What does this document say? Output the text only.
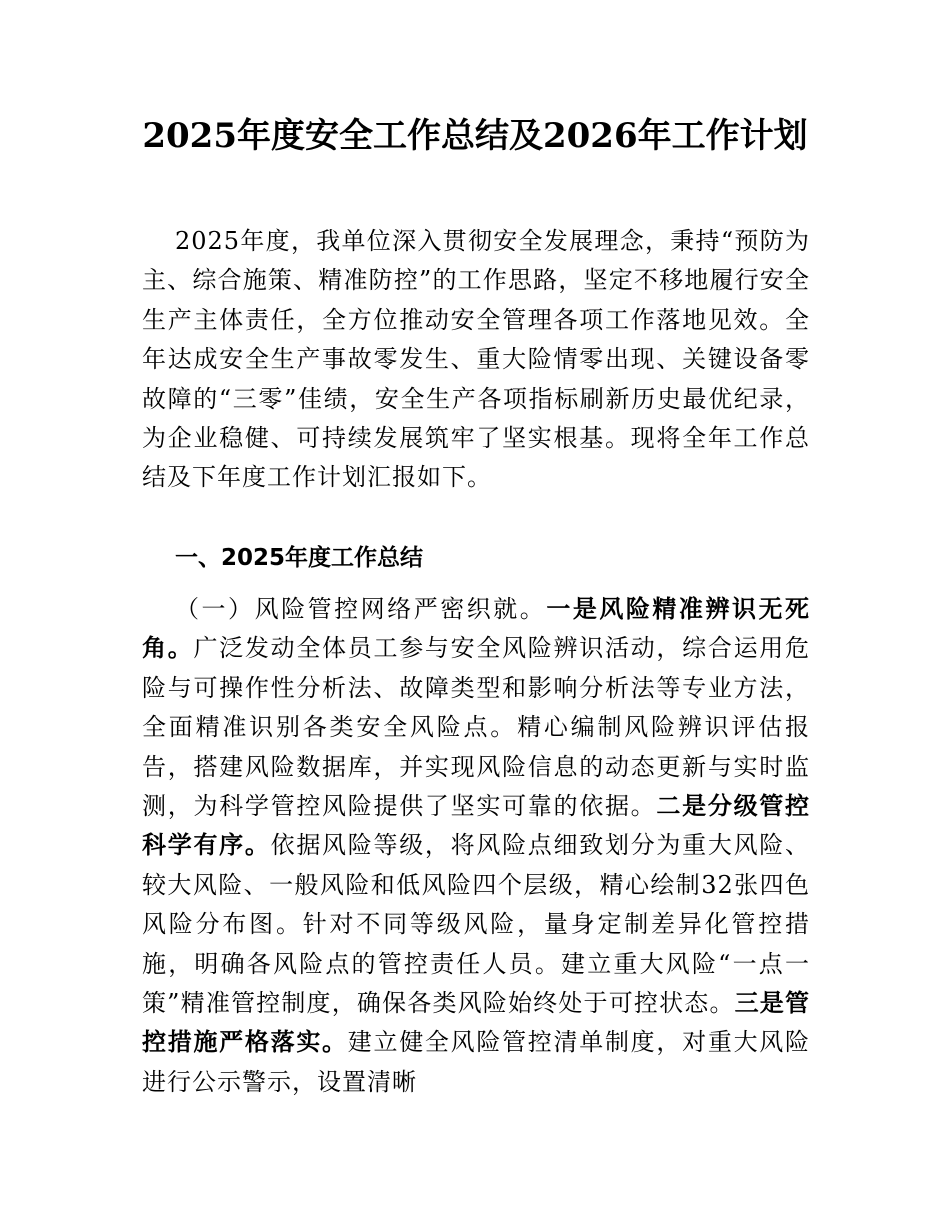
2025年度安全工作总结及2026年工作计划

2025年度，我单位深入贯彻安全发展理念，秉持“预防为主、综合施策、精准防控”的工作思路，坚定不移地履行安全生产主体责任，全方位推动安全管理各项工作落地见效。全年达成安全生产事故零发生、重大险情零出现、关键设备零故障的“三零”佳绩，安全生产各项指标刷新历史最优纪录，为企业稳健、可持续发展筑牢了坚实根基。现将全年工作总结及下年度工作计划汇报如下。

一、2025年度工作总结

（一）风险管控网络严密织就。一是风险精准辨识无死角。广泛发动全体员工参与安全风险辨识活动，综合运用危险与可操作性分析法、故障类型和影响分析法等专业方法，全面精准识别各类安全风险点。精心编制风险辨识评估报告，搭建风险数据库，并实现风险信息的动态更新与实时监测，为科学管控风险提供了坚实可靠的依据。二是分级管控科学有序。依据风险等级，将风险点细致划分为重大风险、较大风险、一般风险和低风险四个层级，精心绘制32张四色风险分布图。针对不同等级风险，量身定制差异化管控措施，明确各风险点的管控责任人员。建立重大风险“一点一策”精准管控制度，确保各类风险始终处于可控状态。三是管控措施严格落实。建立健全风险管控清单制度，对重大风险进行公示警示，设置清晰
